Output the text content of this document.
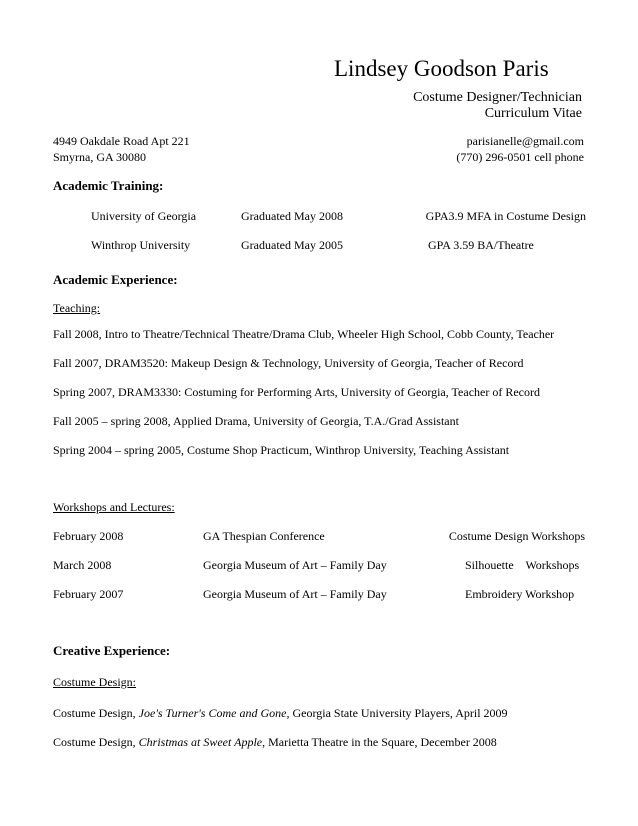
Lindsey Goodson Paris
Costume Designer/Technician
Curriculum Vitae
4949 Oakdale Road Apt 221
Smyrna, GA 30080
parisianelle@gmail.com
(770) 296-0501 cell phone
Academic Training:
University of Georgia	Graduated May 2008	GPA3.9 MFA in Costume Design
Winthrop University	Graduated May 2005	GPA 3.59 BA/Theatre
Academic Experience:
Teaching:
Fall 2008, Intro to Theatre/Technical Theatre/Drama Club, Wheeler High School, Cobb County, Teacher
Fall 2007, DRAM3520: Makeup Design & Technology, University of Georgia, Teacher of Record
Spring 2007, DRAM3330: Costuming for Performing Arts, University of Georgia, Teacher of Record
Fall 2005 – spring 2008, Applied Drama, University of Georgia, T.A./Grad Assistant
Spring 2004 – spring 2005, Costume Shop Practicum, Winthrop University, Teaching Assistant
Workshops and Lectures:
February 2008	GA Thespian Conference	Costume Design Workshops
March 2008	Georgia Museum of Art – Family Day	Silhouette    Workshops
February 2007	Georgia Museum of Art – Family Day	Embroidery Workshop
Creative Experience:
Costume Design:
Costume Design, Joe's Turner's Come and Gone, Georgia State University Players, April 2009
Costume Design, Christmas at Sweet Apple, Marietta Theatre in the Square, December 2008
